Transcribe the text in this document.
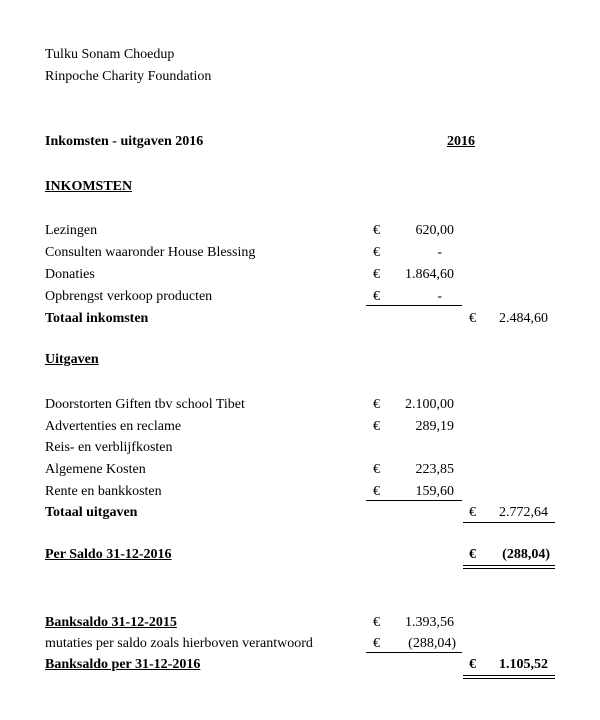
Tulku Sonam Choedup
Rinpoche Charity Foundation
Inkomsten - uitgaven 2016	2016
INKOMSTEN
Lezingen	€	620,00
Consulten waaronder House Blessing	€	-
Donaties	€	1.864,60
Opbrengst verkoop producten	€	-
Totaal inkomsten	€	2.484,60
Uitgaven
Doorstorten Giften tbv school Tibet	€	2.100,00
Advertenties en reclame	€	289,19
Reis- en verblijfkosten
Algemene Kosten	€	223,85
Rente en bankkosten	€	159,60
Totaal uitgaven	€	2.772,64
Per Saldo 31-12-2016	€	(288,04)
Banksaldo 31-12-2015	€	1.393,56
mutaties per saldo zoals hierboven verantwoord	€	(288,04)
Banksaldo per 31-12-2016	€	1.105,52
